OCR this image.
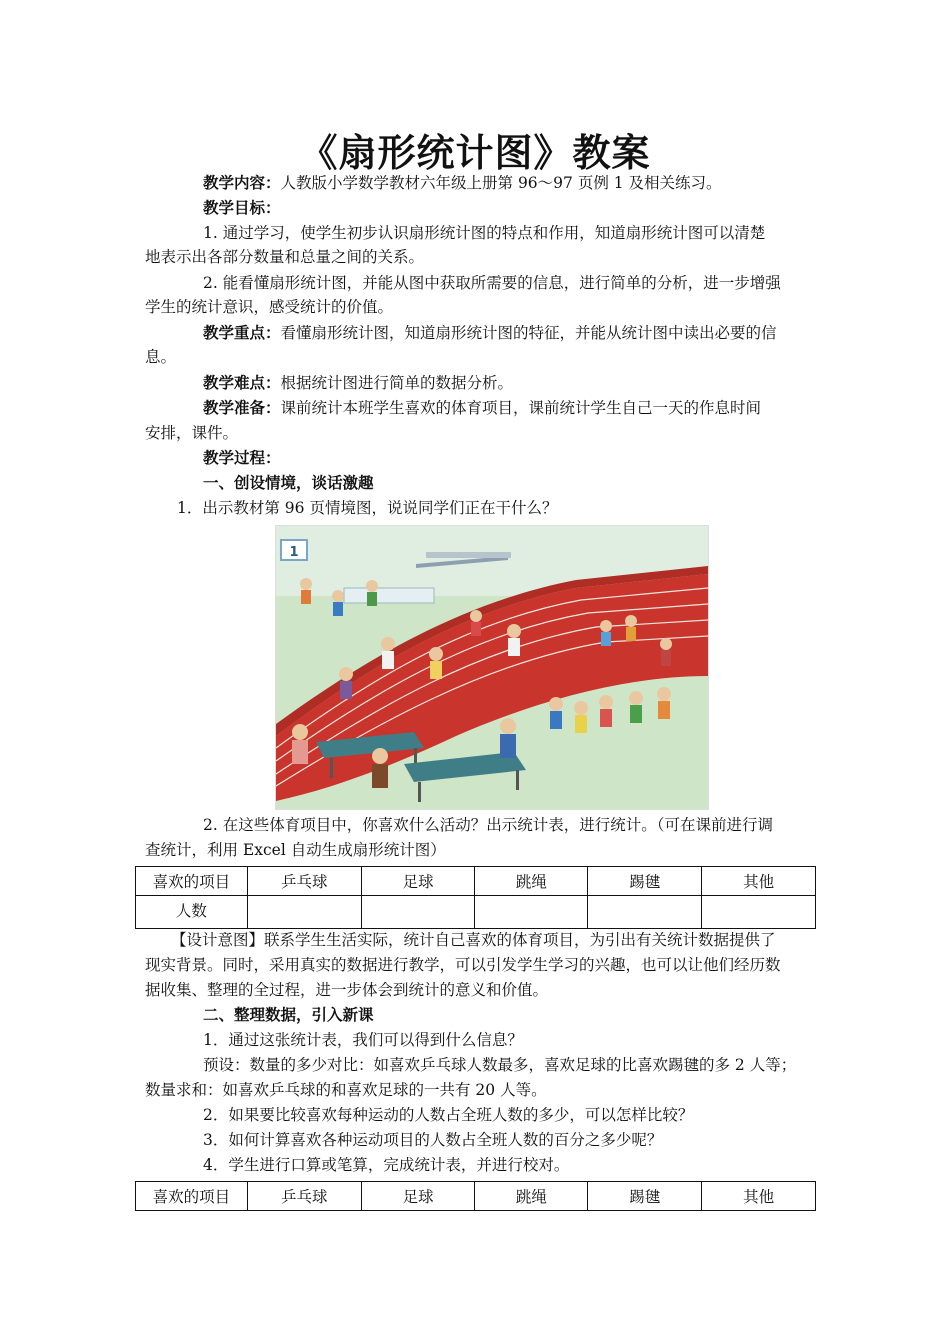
《扇形统计图》教案
教学内容：人教版小学数学教材六年级上册第 96～97 页例 1 及相关练习。
教学目标：
1. 通过学习，使学生初步认识扇形统计图的特点和作用，知道扇形统计图可以清楚
地表示出各部分数量和总量之间的关系。
2. 能看懂扇形统计图，并能从图中获取所需要的信息，进行简单的分析，进一步增强
学生的统计意识，感受统计的价值。
教学重点：看懂扇形统计图，知道扇形统计图的特征，并能从统计图中读出必要的信
息。
教学难点：根据统计图进行简单的数据分析。
教学准备：课前统计本班学生喜欢的体育项目，课前统计学生自己一天的作息时间
安排，课件。
教学过程：
一、创设情境，谈话激趣
1．出示教材第 96 页情境图，说说同学们正在干什么？
1
2. 在这些体育项目中，你喜欢什么活动？出示统计表，进行统计。（可在课前进行调
查统计，利用 Excel 自动生成扇形统计图）
喜欢的项目	乒乓球	足球	跳绳	踢毽	其他
人数					
【设计意图】联系学生生活实际，统计自己喜欢的体育项目，为引出有关统计数据提供了
现实背景。同时，采用真实的数据进行教学，可以引发学生学习的兴趣，也可以让他们经历数
据收集、整理的全过程，进一步体会到统计的意义和价值。
二、整理数据，引入新课
1．通过这张统计表，我们可以得到什么信息？
预设：数量的多少对比：如喜欢乒乓球人数最多，喜欢足球的比喜欢踢毽的多 2 人等；
数量求和：如喜欢乒乓球的和喜欢足球的一共有 20 人等。
2．如果要比较喜欢每种运动的人数占全班人数的多少，可以怎样比较？
3．如何计算喜欢各种运动项目的人数占全班人数的百分之多少呢？
4．学生进行口算或笔算，完成统计表，并进行校对。
喜欢的项目	乒乓球	足球	跳绳	踢毽	其他
